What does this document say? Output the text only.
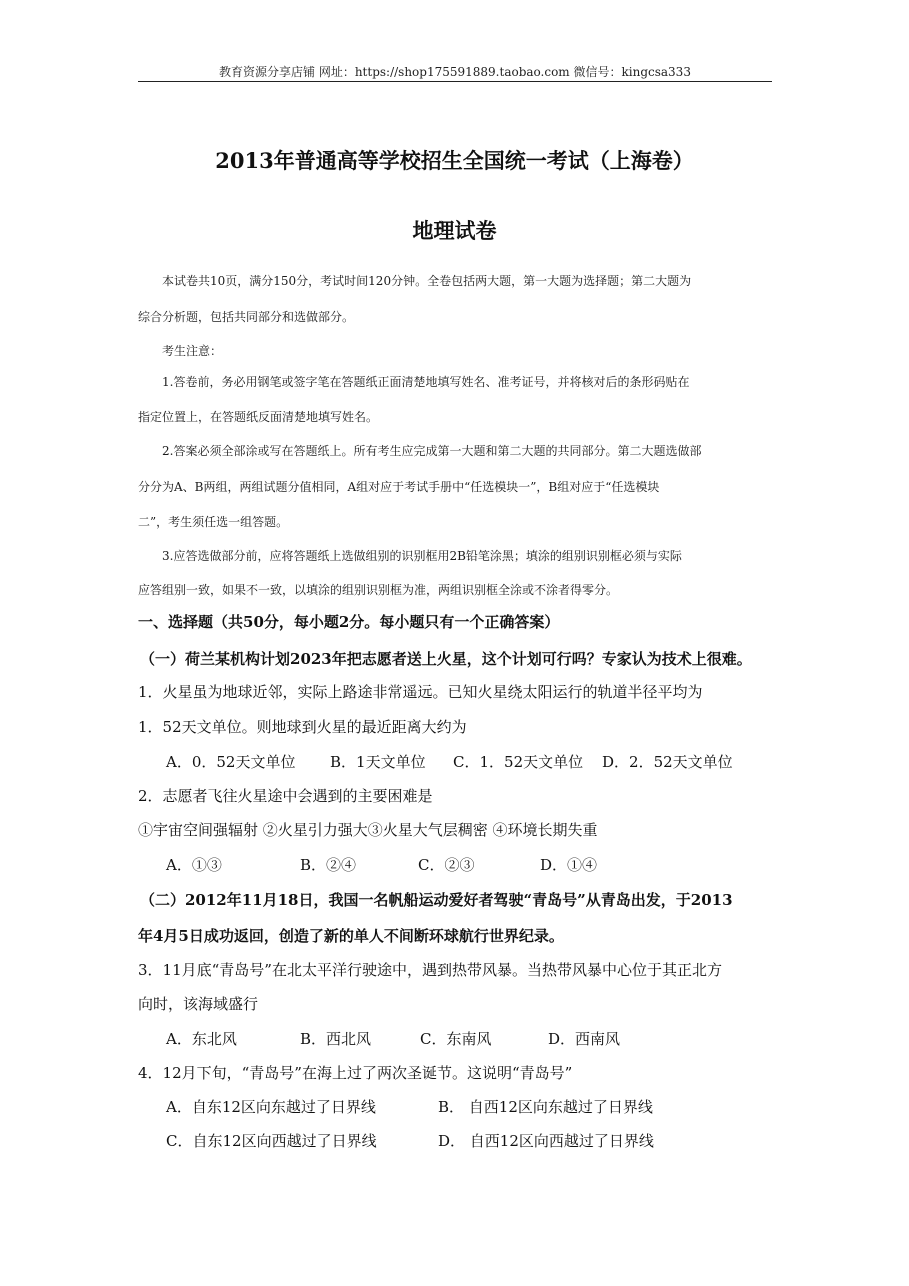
教育资源分享店铺 网址：https://shop175591889.taobao.com 微信号：kingcsa333
2013年普通高等学校招生全国统一考试（上海卷）
地理试卷
本试卷共10页，满分150分，考试时间120分钟。全卷包括两大题，第一大题为选择题；第二大题为
综合分析题，包括共同部分和选做部分。
考生注意：
1.答卷前，务必用钢笔或签字笔在答题纸正面清楚地填写姓名、准考证号，并将核对后的条形码贴在
指定位置上，在答题纸反面清楚地填写姓名。
2.答案必须全部涂或写在答题纸上。所有考生应完成第一大题和第二大题的共同部分。第二大题选做部
分分为A、B两组，两组试题分值相同，A组对应于考试手册中“任选模块一”，B组对应于“任选模块
二”，考生须任选一组答题。
3.应答选做部分前，应将答题纸上选做组别的识别框用2B铅笔涂黑；填涂的组别识别框必须与实际
应答组别一致，如果不一致，以填涂的组别识别框为准，两组识别框全涂或不涂者得零分。
一、选择题（共50分，每小题2分。每小题只有一个正确答案）
（一）荷兰某机构计划2023年把志愿者送上火星，这个计划可行吗？专家认为技术上很难。
1．火星虽为地球近邻，实际上路途非常遥远。已知火星绕太阳运行的轨道半径平均为
1．52天文单位。则地球到火星的最近距离大约为
A．0．52天文单位 B．1天文单位 C．1．52天文单位 D．2．52天文单位
2．志愿者飞往火星途中会遇到的主要困难是
①宇宙空间强辐射 ②火星引力强大③火星大气层稠密 ④环境长期失重
A．①③	B．②④	C．②③	D．①④
（二）2012年11月18日，我国一名帆船运动爱好者驾驶“青岛号”从青岛出发，于2013
年4月5日成功返回，创造了新的单人不间断环球航行世界纪录。
3．11月底“青岛号”在北太平洋行驶途中，遇到热带风暴。当热带风暴中心位于其正北方
向时，该海域盛行
A．东北风	B．西北风	C．东南风	D．西南风
4．12月下旬，“青岛号”在海上过了两次圣诞节。这说明“青岛号”
A．自东12区向东越过了日界线	B． 自西12区向东越过了日界线
C．自东12区向西越过了日界线	D． 自西12区向西越过了日界线
